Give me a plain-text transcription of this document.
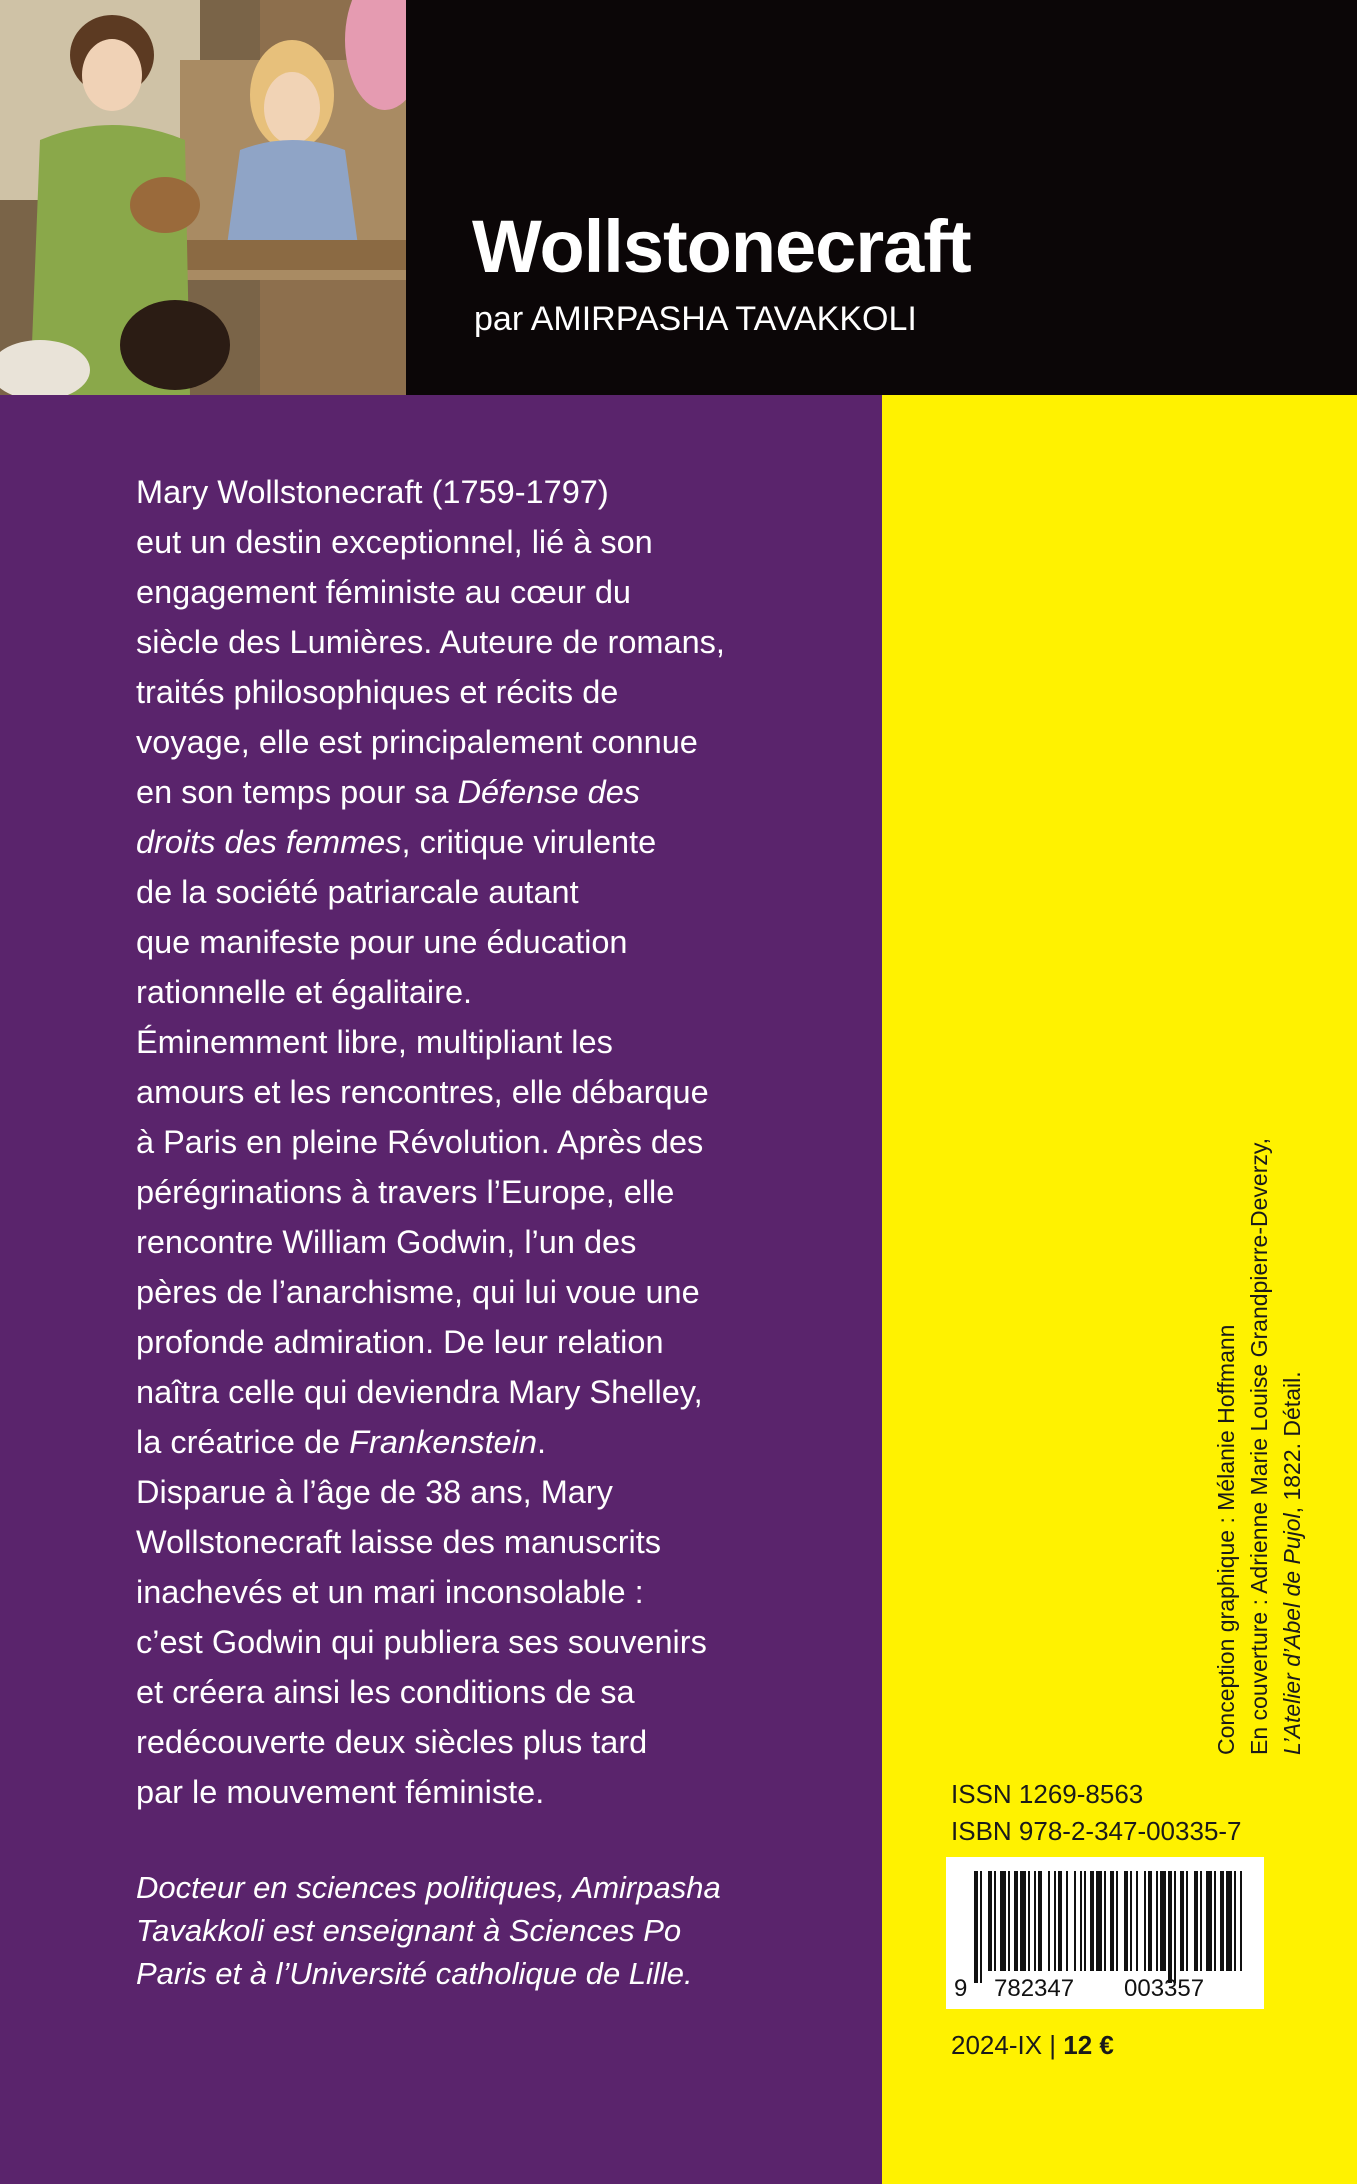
Wollstonecraft
par AMIRPASHA TAVAKKOLI

Mary Wollstonecraft (1759-1797)

eut un destin exceptionnel, lié à son

engagement féministe au cœur du

siècle des Lumières. Auteure de romans,

traités philosophiques et récits de

voyage, elle est principalement connue

en son temps pour sa Défense des

droits des femmes, critique virulente

de la société patriarcale autant

que manifeste pour une éducation

rationnelle et égalitaire.

Éminemment libre, multipliant les

amours et les rencontres, elle débarque

à Paris en pleine Révolution. Après des

pérégrinations à travers l’Europe, elle

rencontre William Godwin, l’un des

pères de l’anarchisme, qui lui voue une

profonde admiration. De leur relation

naîtra celle qui deviendra Mary Shelley,

la créatrice de Frankenstein.

Disparue à l’âge de 38 ans, Mary

Wollstonecraft laisse des manuscrits

inachevés et un mari inconsolable :

c’est Godwin qui publiera ses souvenirs

et créera ainsi les conditions de sa

redécouverte deux siècles plus tard

par le mouvement féministe.

Docteur en sciences politiques, Amirpasha
Tavakkoli est enseignant à Sciences Po
Paris et à l’Université catholique de Lille.
Conception graphique : Mélanie Hoffmann En couverture : Adrienne Marie Louise Grandpierre-Deverzy, L’Atelier d’Abel de Pujol, 1822. Détail.
ISSN 1269-8563
ISBN 978-2-347-00335-7
9 782347 003357
2024-IX | 12 €
